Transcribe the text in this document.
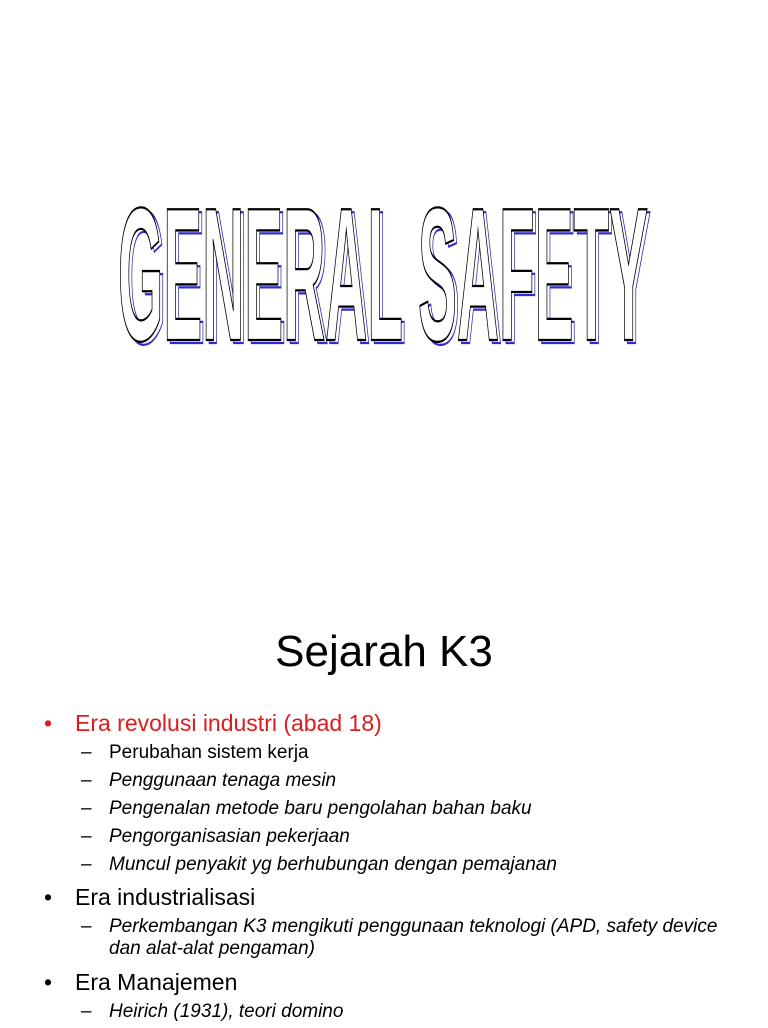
GENERAL SAFETY
GENERAL SAFETY
Sejarah K3
• Era revolusi industri (abad 18)
– Perubahan sistem kerja
– Penggunaan tenaga mesin
– Pengenalan metode baru pengolahan bahan baku
– Pengorganisasian pekerjaan
– Muncul penyakit yg berhubungan dengan pemajanan
• Era industrialisasi
– Perkembangan K3 mengikuti penggunaan teknologi (APD, safety device dan alat-alat pengaman)
• Era Manajemen
– Heirich (1931), teori domino
